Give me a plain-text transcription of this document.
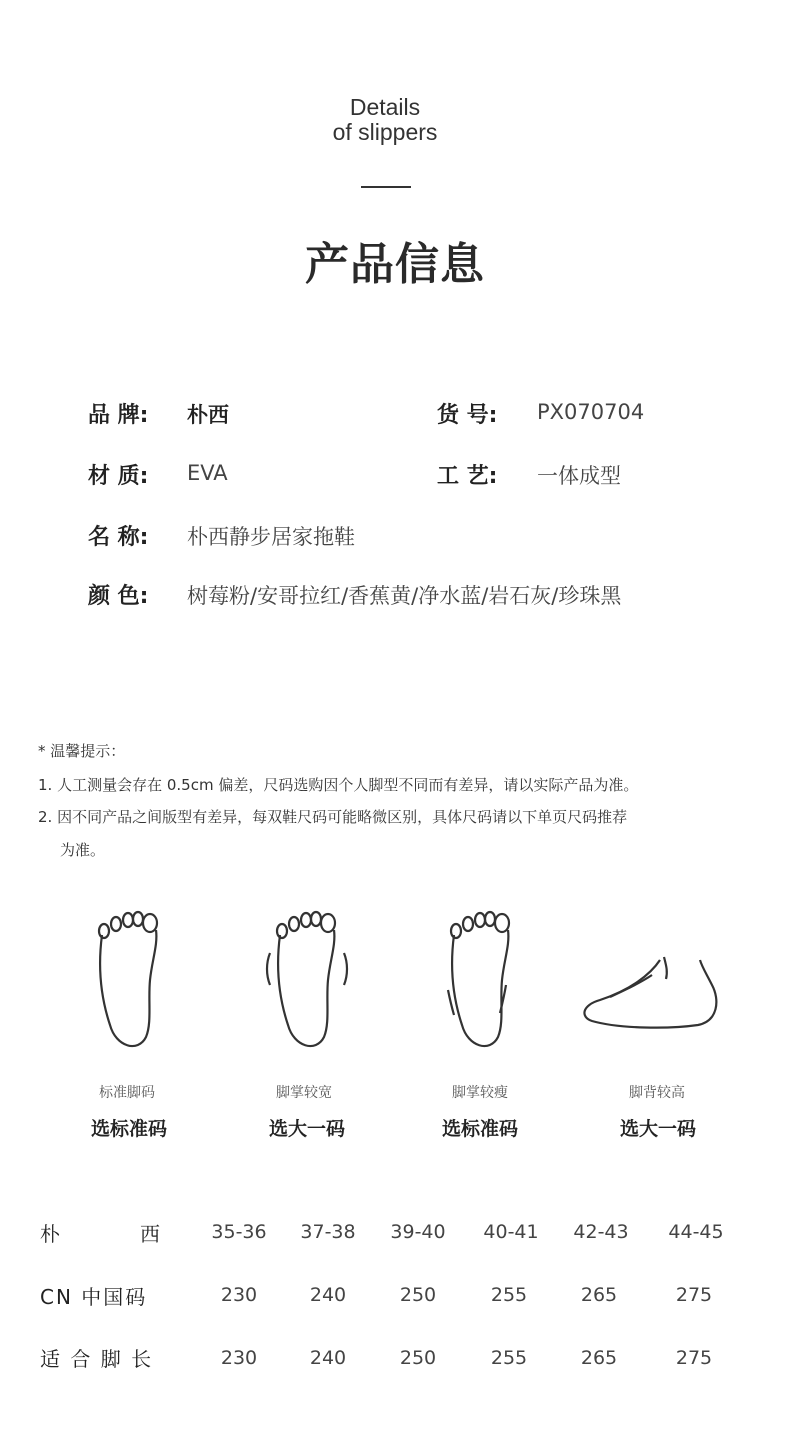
Details
of slippers
产品信息
品 牌: 朴西	货 号: PX070704
材 质: EVA	工 艺: 一体成型
名 称: 朴西静步居家拖鞋
颜 色: 树莓粉/安哥拉红/香蕉黄/净水蓝/岩石灰/珍珠黑
* 温馨提示：
1. 人工测量会存在 0.5cm 偏差，尺码选购因个人脚型不同而有差异，请以实际产品为准。
2. 因不同产品之间版型有差异，每双鞋尺码可能略微区别，具体尺码请以下单页尺码推荐
为准。
标准脚码	脚掌较宽	脚掌较瘦	脚背较高
选标准码	选大一码	选标准码	选大一码
朴	西	35-36	37-38	39-40	40-41	42-43	44-45
CN 中国码	230	240	250	255	265	275
适 合 脚 长	230	240	250	255	265	275
